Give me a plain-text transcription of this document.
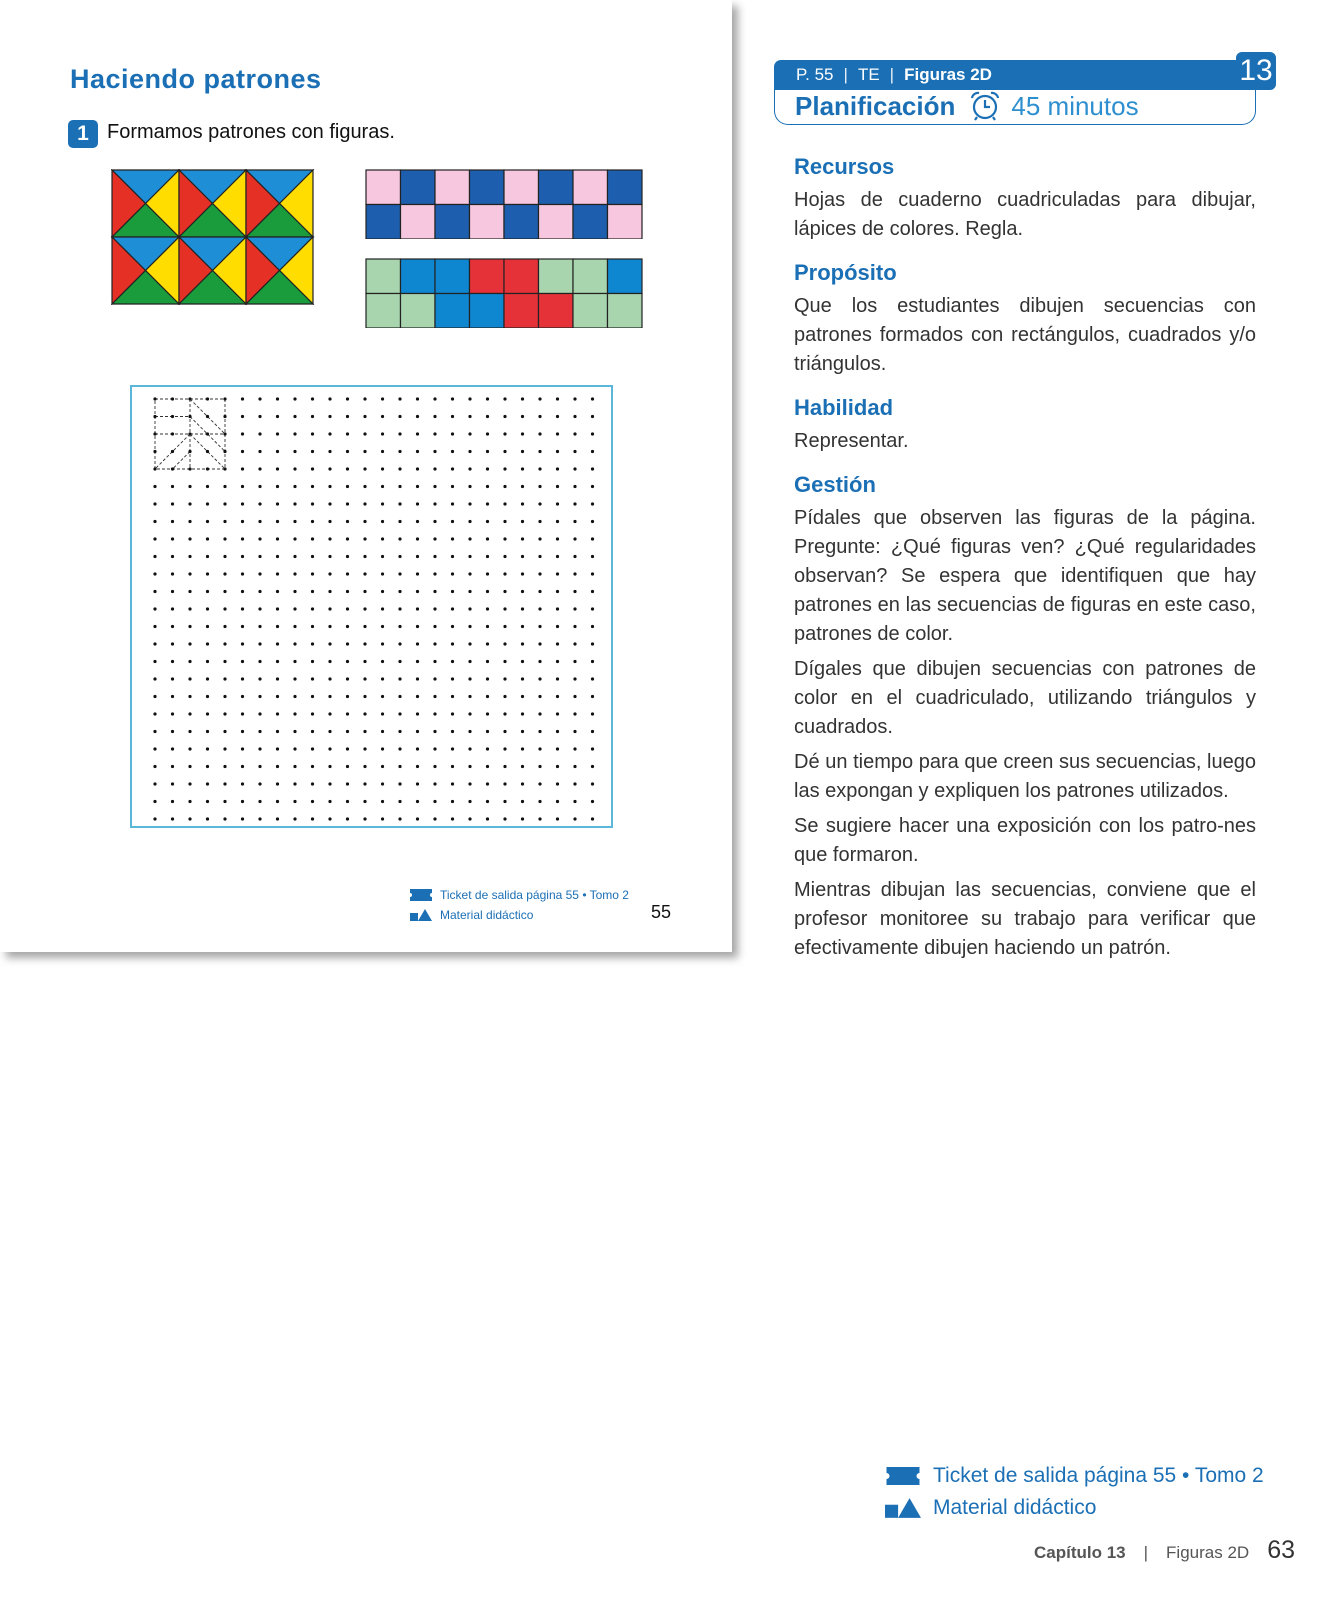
Haciendo patrones
1 Formamos patrones con figuras.
Ticket de salida página 55 • Tomo 2
Material didáctico	55
P. 55 | TE | Figuras 2D	13
Planificación 45 minutos
Recursos
Hojas de cuaderno cuadriculadas para dibujar, lápices de colores. Regla.
Propósito
Que los estudiantes dibujen secuencias con patrones formados con rectángulos, cuadrados y/o triángulos.
Habilidad
Representar.
Gestión
Pídales que observen las figuras de la página. Pregunte: ¿Qué figuras ven? ¿Qué regularidades observan? Se espera que identifiquen que hay patrones en las secuencias de figuras en este caso, patrones de color.
Dígales que dibujen secuencias con patrones de color en el cuadriculado, utilizando triángulos y cuadrados.
Dé un tiempo para que creen sus secuencias, luego las expongan y expliquen los patrones utilizados.
Se sugiere hacer una exposición con los patro-nes que formaron.
Mientras dibujan las secuencias, conviene que el profesor monitoree su trabajo para verificar que efectivamente dibujen haciendo un patrón.
Ticket de salida página 55 • Tomo 2
Material didáctico
Capítulo 13 | Figuras 2D 63
